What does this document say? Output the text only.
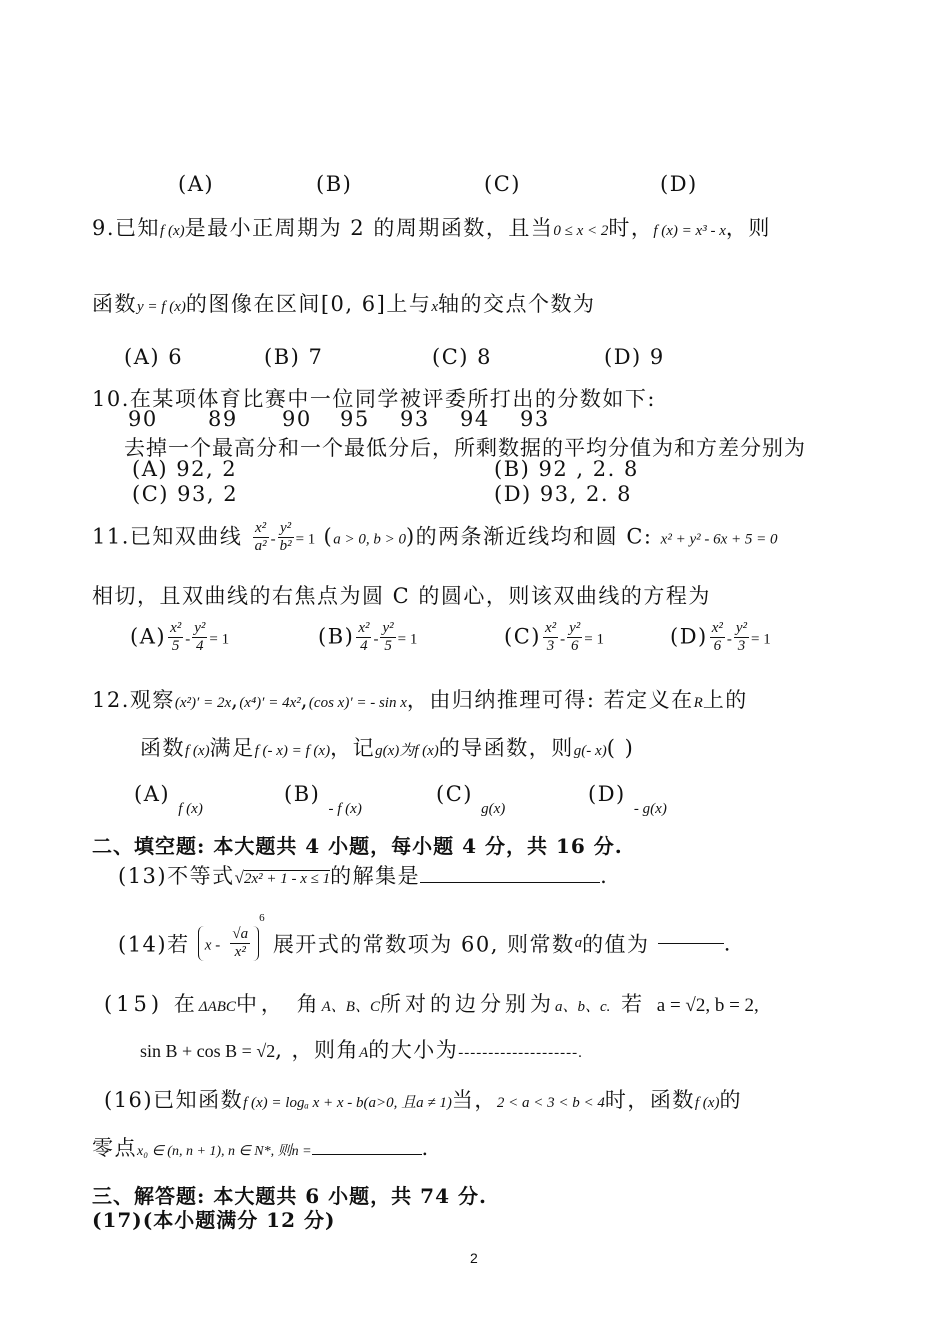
(A)	(B)	(C)	(D)
9.已知f (x)是最小正周期为 2 的周期函数，且当0 ≤ x < 2时，f (x) = x³ - x，则
函数y = f (x)的图像在区间[0, 6]上与x轴的交点个数为
(A) 6	(B) 7	(C) 8	(D) 9
10.在某项体育比赛中一位同学被评委所打出的分数如下:
90 89 90 95 93 94 93
去掉一个最高分和一个最低分后，所剩数据的平均分值为和方差分别为
(A) 92, 2	(B) 92 , 2. 8
(C) 93, 2	(D) 93, 2. 8
11.已知双曲线 $\frac{\text{x²}}{\text{a²}} - \frac{\text{y²}}{\text{b²}} = 1$ (a > 0, b > 0)的两条渐近线均和圆 C: x² + y² - 6x + 5 = 0
相切，且双曲线的右焦点为圆 C 的圆心，则该双曲线的方程为
$(A) \frac{\text{x²}}{5} - \frac{\text{y²}}{4} = 1$	$(B) \frac{\text{x²}}{4} - \frac{\text{y²}}{5} = 1$	$(C) \frac{\text{x²}}{3} - \frac{\text{y²}}{6} = 1$	$(D) \frac{\text{x²}}{6} - \frac{\text{y²}}{3} = 1$
12.观察(x²)′ = 2x,(x⁴)′ = 4x²,(cos x)′ = - sin x，由归纳推理可得: 若定义在R上的
函数f (x)满足f (- x) = f (x)，记g(x)为f (x)的导函数，则g(- x)( )
(A) $_{f (x)}$
(B) $_{- f (x)}$
(C) $_{g(x)}$
(D) $_{- g(x)}$
二、填空题: 本大题共 4 小题，每小题 4 分，共 16 分.
(13)不等式√2x² + 1 - x ≤ 1的解集是	.
(14)若 x - $\frac{√a}{\text{x²}}$
$^6$ 展开式的常数项为 60, 则常数a的值为	.
(15) 在ΔABC中， 角A、B、C所对的边分别为a、b、c. 若 a = √2, b = 2,
sin B + cos B = √2, ，则角A的大小为--------------------.
(16)已知函数f (x) = logₐ x + x - b(a>0, 且a ≠ 1)当，2 < a < 3 < b < 4时，函数f (x)的
零点x₀ ∈ (n, n + 1), n ∈ N*, 则n =	.
三、解答题: 本大题共 6 小题，共 74 分.
(17)(本小题满分 12 分)
2
